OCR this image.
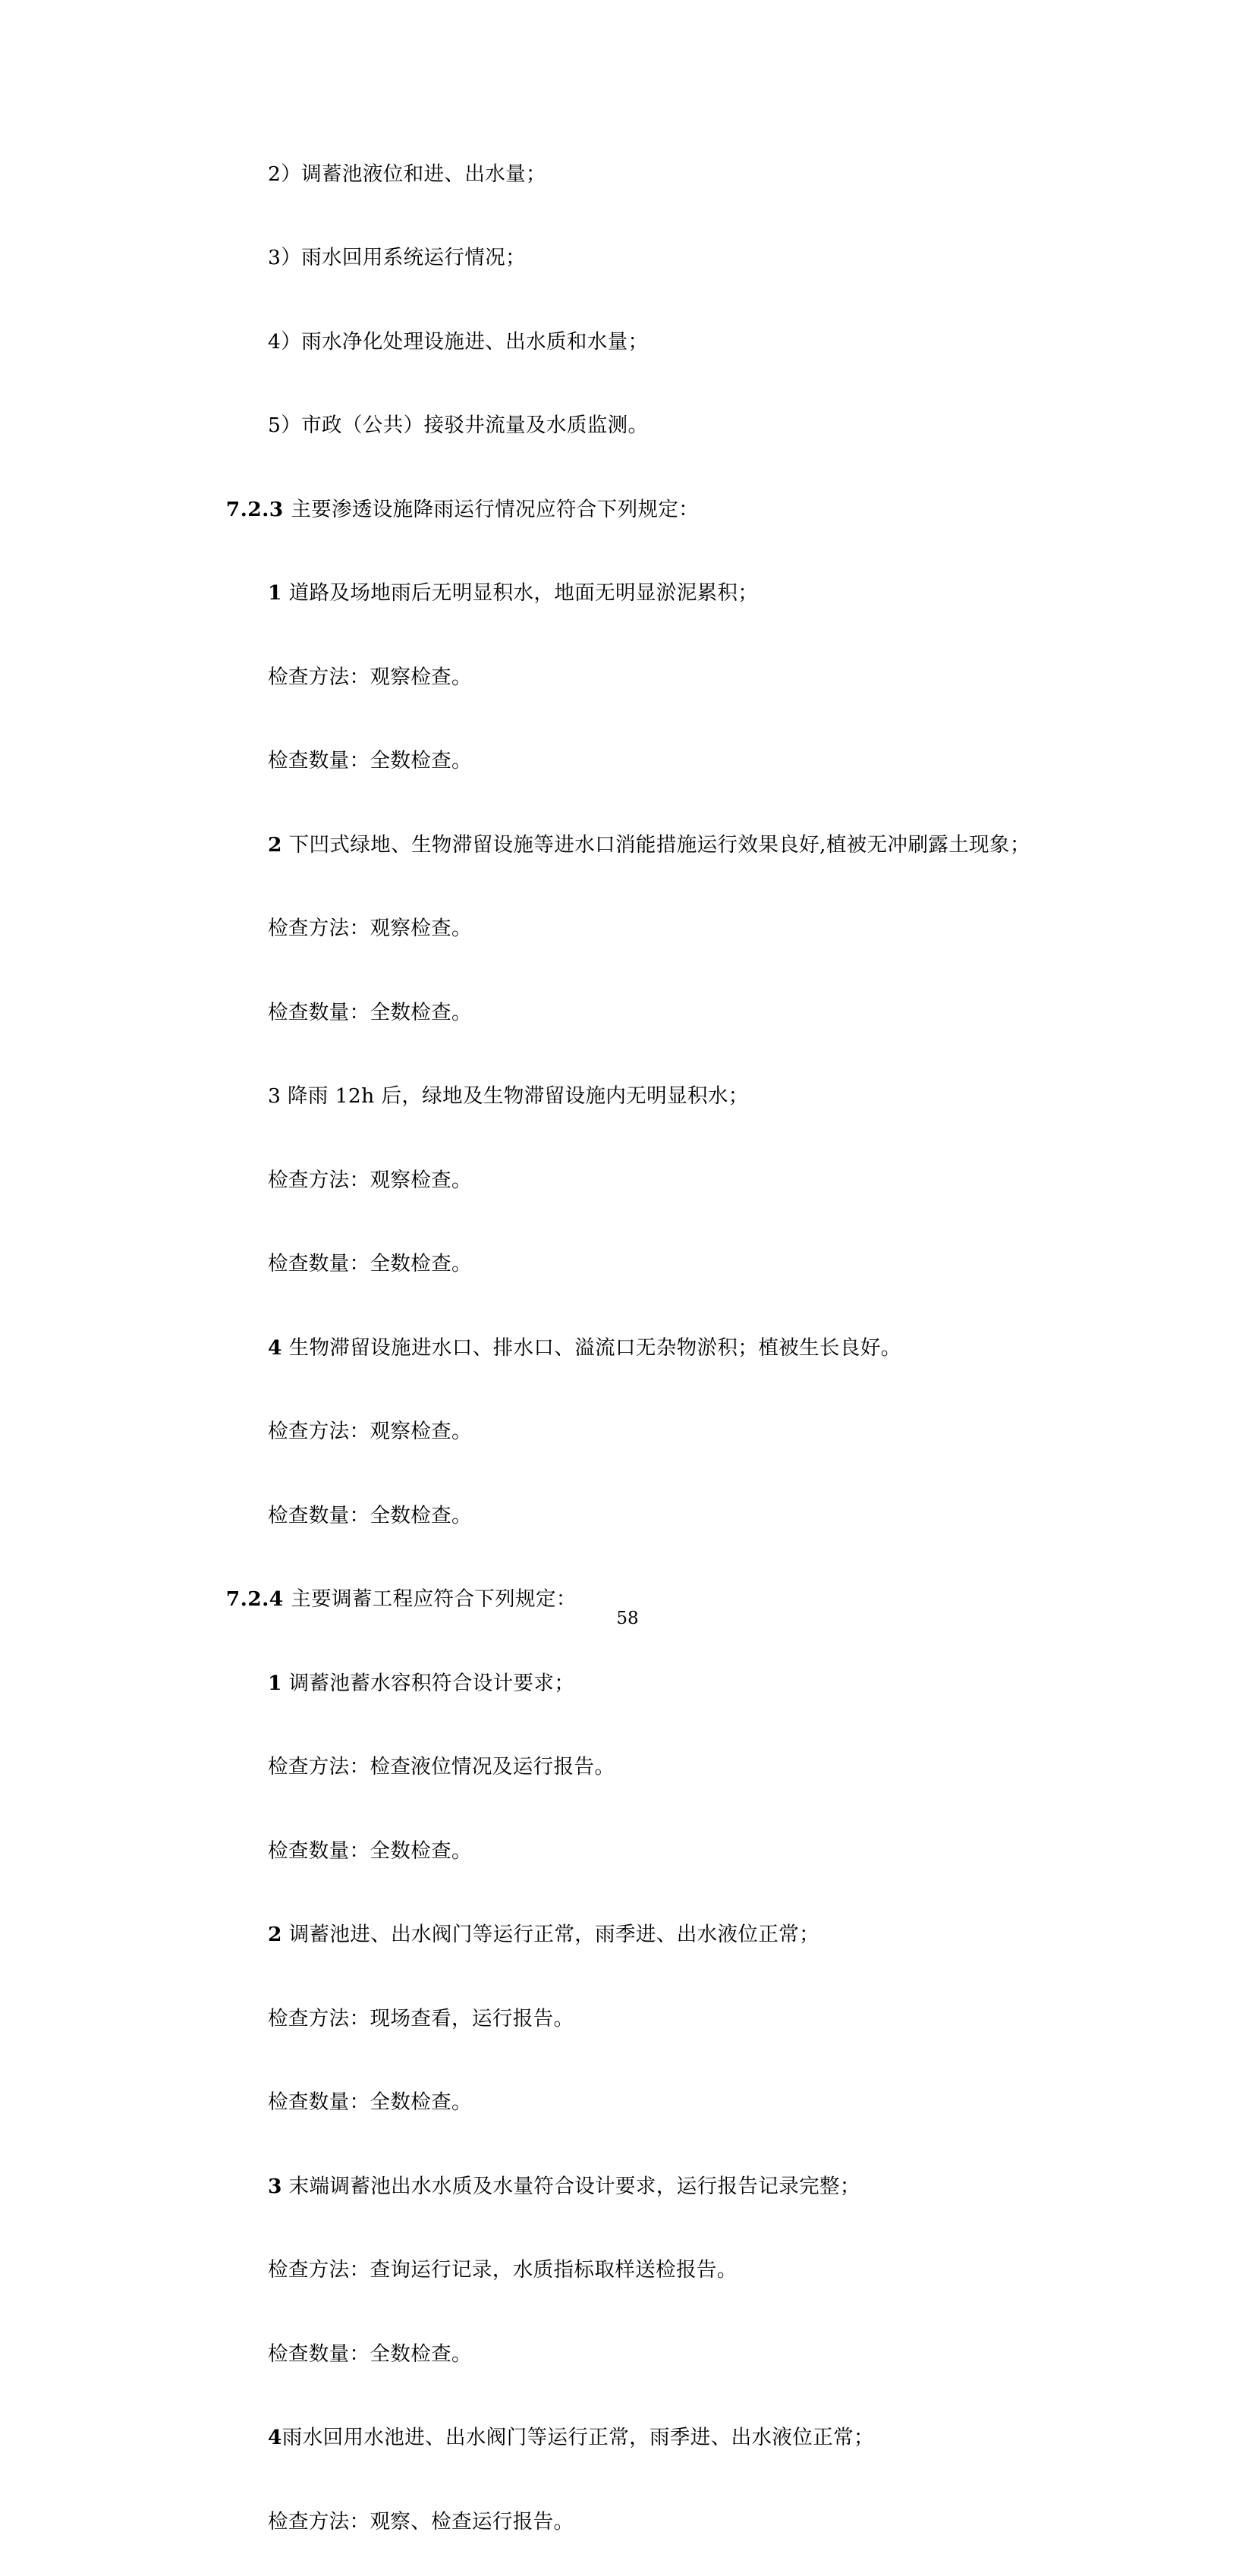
2）调蓄池液位和进、出水量；

3）雨水回用系统运行情况；

4）雨水净化处理设施进、出水质和水量；

5）市政（公共）接驳井流量及水质监测。

7.2.3 主要渗透设施降雨运行情况应符合下列规定：

1 道路及场地雨后无明显积水，地面无明显淤泥累积；

检查方法：观察检查。

检查数量：全数检查。

2 下凹式绿地、生物滞留设施等进水口消能措施运行效果良好,植被无冲刷露土现象；

检查方法：观察检查。

检查数量：全数检查。

3 降雨 12h 后，绿地及生物滞留设施内无明显积水；

检查方法：观察检查。

检查数量：全数检查。

4 生物滞留设施进水口、排水口、溢流口无杂物淤积；植被生长良好。

检查方法：观察检查。

检查数量：全数检查。

7.2.4 主要调蓄工程应符合下列规定：

1 调蓄池蓄水容积符合设计要求；

检查方法：检查液位情况及运行报告。

检查数量：全数检查。

2 调蓄池进、出水阀门等运行正常，雨季进、出水液位正常；

检查方法：现场查看，运行报告。

检查数量：全数检查。

3 末端调蓄池出水水质及水量符合设计要求，运行报告记录完整；

检查方法：查询运行记录，水质指标取样送检报告。

检查数量：全数检查。

4雨水回用水池进、出水阀门等运行正常，雨季进、出水液位正常；

检查方法：观察、检查运行报告。

58
